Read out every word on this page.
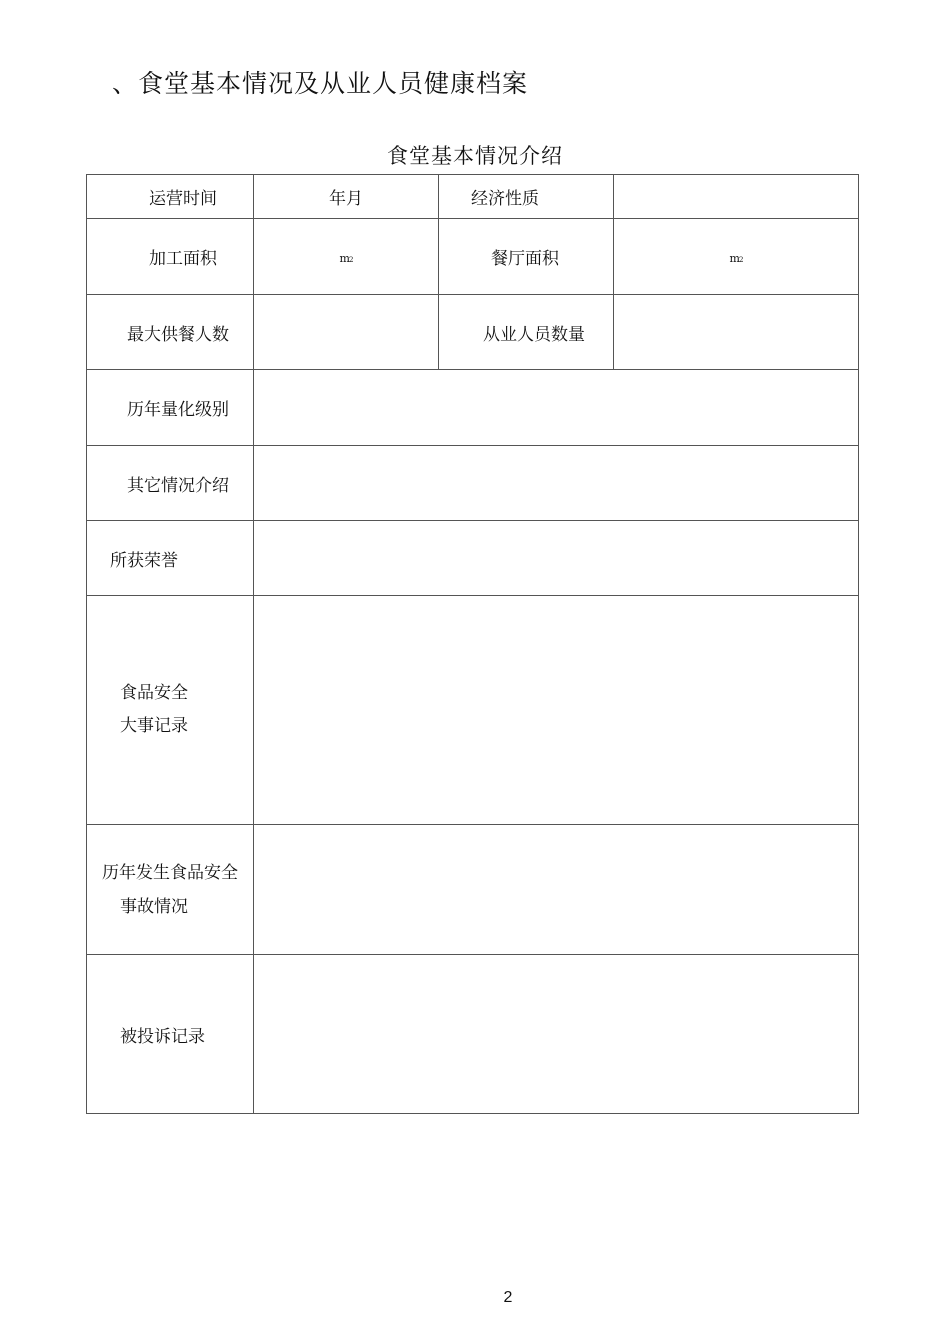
、食堂基本情况及从业人员健康档案
食堂基本情况介绍
运营时间	年月	经济性质	
加工面积	m2	餐厅面积	m2
最大供餐人数		从业人员数量	
历年量化级别			
其它情况介绍			
所获荣誉			

食品安全
大事记录			

历年发生食品安全
事故情况			

被投诉记录			
2
